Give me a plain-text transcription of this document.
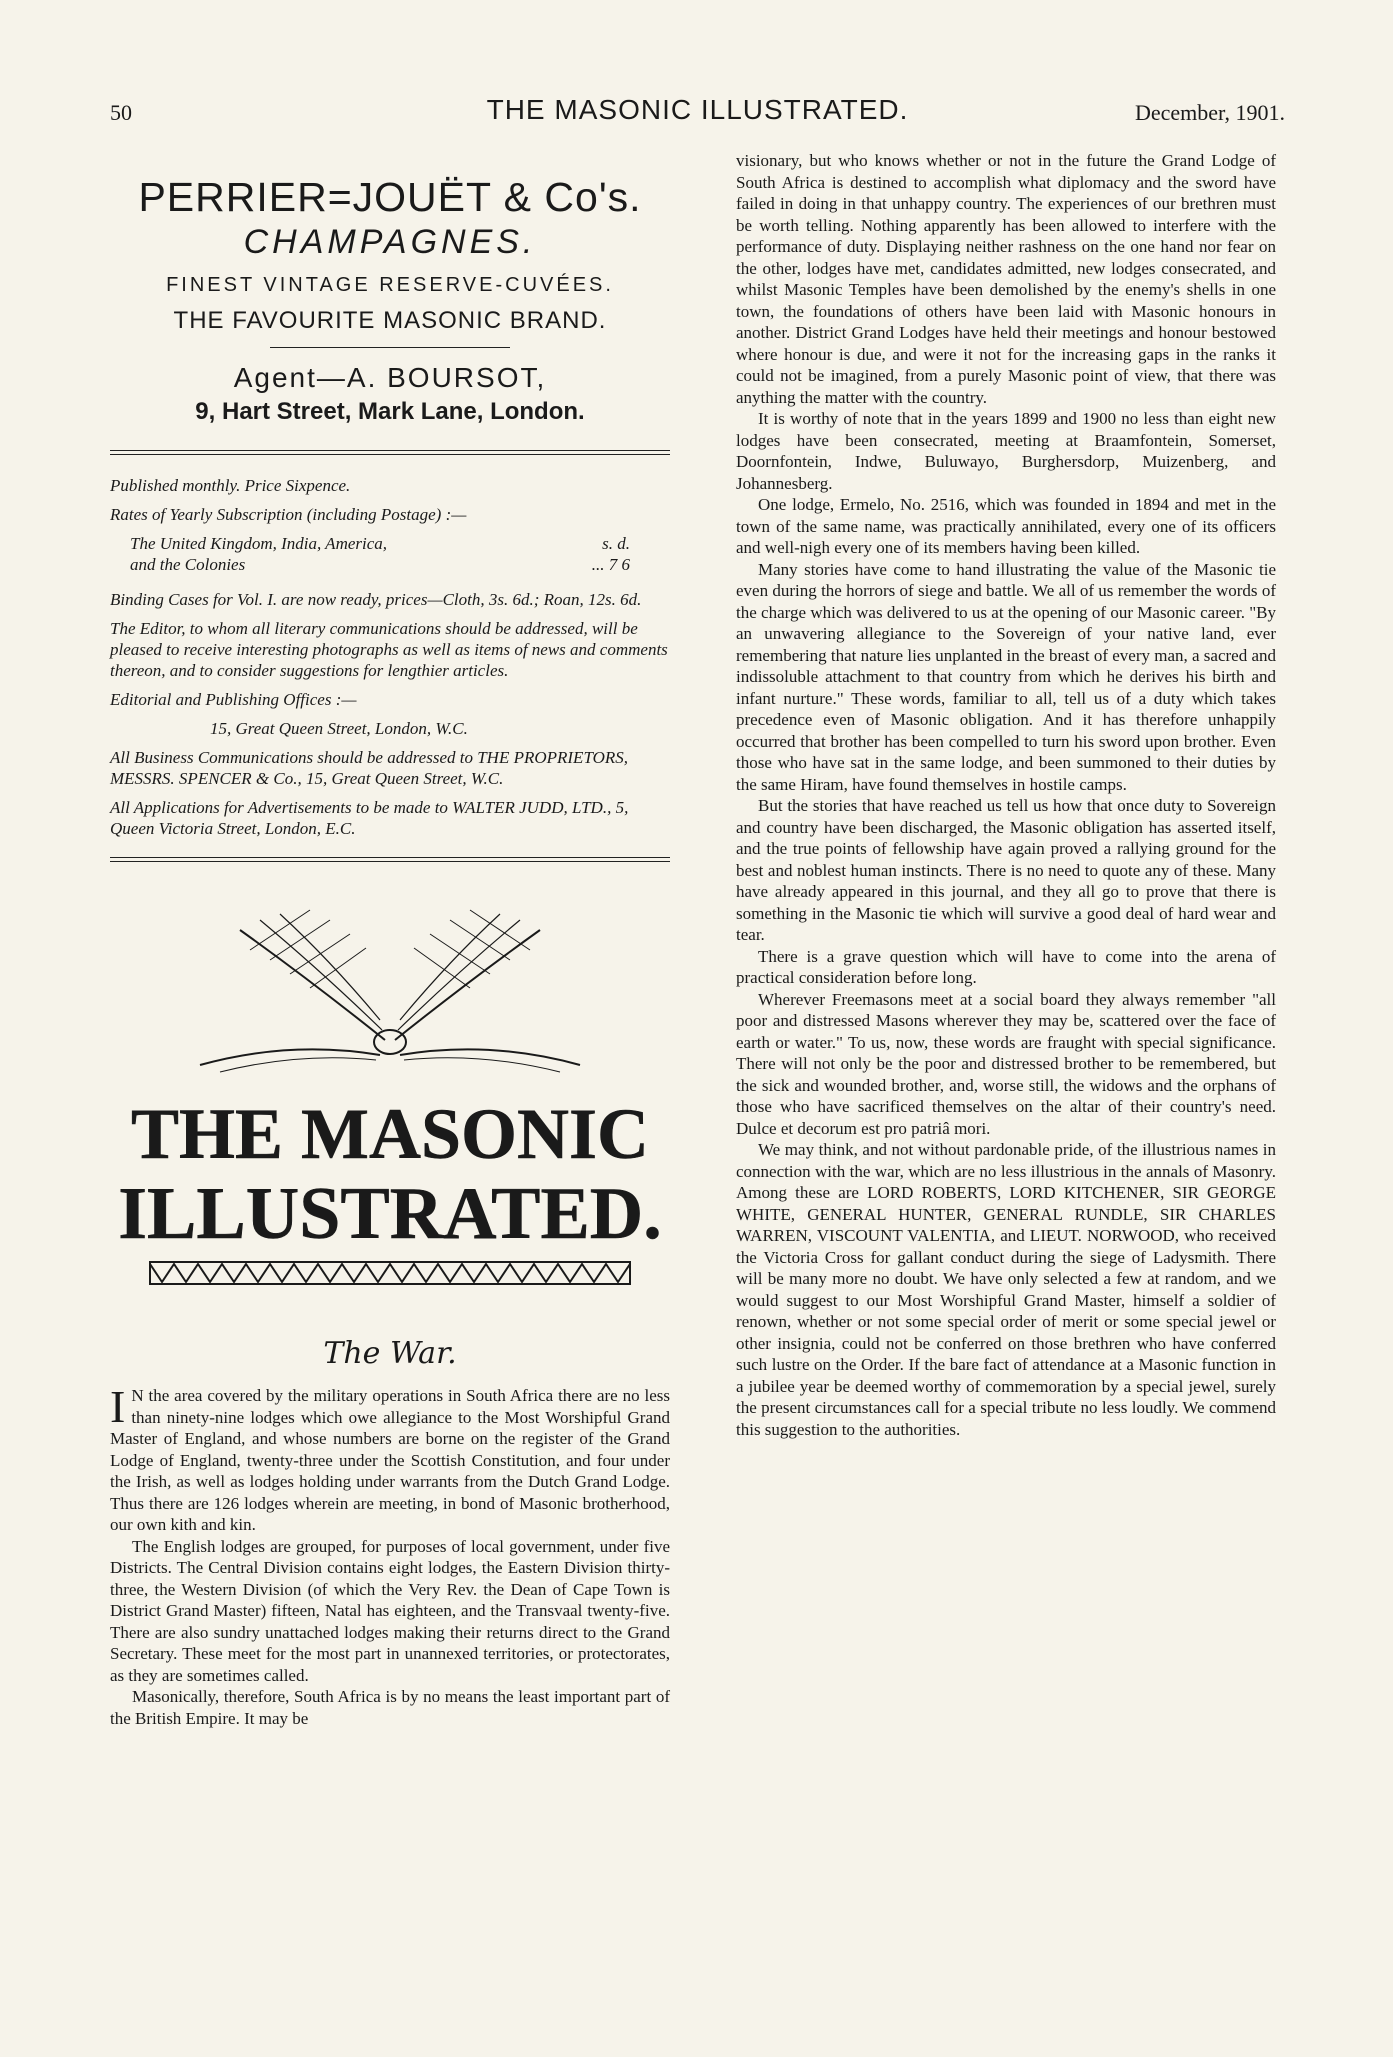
50	THE MASONIC ILLUSTRATED.	December, 1901.
PERRIER=JOUËT & Co's.
CHAMPAGNES.
FINEST VINTAGE RESERVE-CUVÉES.
THE FAVOURITE MASONIC BRAND.
Agent—A. BOURSOT,
9, Hart Street, Mark Lane, London.

Published monthly. Price Sixpence.

Rates of Yearly Subscription (including Postage) :—

The United Kingdom, India, America,	s. d.

and the Colonies	... 7 6

Binding Cases for Vol. I. are now ready, prices—Cloth, 3s. 6d.; Roan, 12s. 6d.

The Editor, to whom all literary communications should be addressed, will be pleased to receive interesting photographs as well as items of news and comments thereon, and to consider suggestions for lengthier articles.

Editorial and Publishing Offices :—

15, Great Queen Street, London, W.C.

All Business Communications should be addressed to THE PROPRIETORS, MESSRS. SPENCER & Co., 15, Great Queen Street, W.C.

All Applications for Advertisements to be made to WALTER JUDD, LTD., 5, Queen Victoria Street, London, E.C.

THE MASONIC
ILLUSTRATED.
The War.

I N the area covered by the military operations in South Africa there are no less than ninety-nine lodges which owe allegiance to the Most Worshipful Grand Master of England, and whose numbers are borne on the register of the Grand Lodge of England, twenty-three under the Scottish Constitution, and four under the Irish, as well as lodges holding under warrants from the Dutch Grand Lodge. Thus there are 126 lodges wherein are meeting, in bond of Masonic brotherhood, our own kith and kin.

The English lodges are grouped, for purposes of local government, under five Districts. The Central Division contains eight lodges, the Eastern Division thirty-three, the Western Division (of which the Very Rev. the Dean of Cape Town is District Grand Master) fifteen, Natal has eighteen, and the Transvaal twenty-five. There are also sundry unattached lodges making their returns direct to the Grand Secretary. These meet for the most part in unannexed territories, or protectorates, as they are sometimes called.

Masonically, therefore, South Africa is by no means the least important part of the British Empire. It may be

visionary, but who knows whether or not in the future the Grand Lodge of South Africa is destined to accomplish what diplomacy and the sword have failed in doing in that unhappy country. The experiences of our brethren must be worth telling. Nothing apparently has been allowed to interfere with the performance of duty. Displaying neither rashness on the one hand nor fear on the other, lodges have met, candidates admitted, new lodges consecrated, and whilst Masonic Temples have been demolished by the enemy's shells in one town, the foundations of others have been laid with Masonic honours in another. District Grand Lodges have held their meetings and honour bestowed where honour is due, and were it not for the increasing gaps in the ranks it could not be imagined, from a purely Masonic point of view, that there was anything the matter with the country.

It is worthy of note that in the years 1899 and 1900 no less than eight new lodges have been consecrated, meeting at Braamfontein, Somerset, Doornfontein, Indwe, Buluwayo, Burghersdorp, Muizenberg, and Johannesberg.

One lodge, Ermelo, No. 2516, which was founded in 1894 and met in the town of the same name, was practically annihilated, every one of its officers and well-nigh every one of its members having been killed.

Many stories have come to hand illustrating the value of the Masonic tie even during the horrors of siege and battle. We all of us remember the words of the charge which was delivered to us at the opening of our Masonic career. "By an unwavering allegiance to the Sovereign of your native land, ever remembering that nature lies unplanted in the breast of every man, a sacred and indissoluble attachment to that country from which he derives his birth and infant nurture." These words, familiar to all, tell us of a duty which takes precedence even of Masonic obligation. And it has therefore unhappily occurred that brother has been compelled to turn his sword upon brother. Even those who have sat in the same lodge, and been summoned to their duties by the same Hiram, have found themselves in hostile camps.

But the stories that have reached us tell us how that once duty to Sovereign and country have been discharged, the Masonic obligation has asserted itself, and the true points of fellowship have again proved a rallying ground for the best and noblest human instincts. There is no need to quote any of these. Many have already appeared in this journal, and they all go to prove that there is something in the Masonic tie which will survive a good deal of hard wear and tear.

There is a grave question which will have to come into the arena of practical consideration before long.

Wherever Freemasons meet at a social board they always remember "all poor and distressed Masons wherever they may be, scattered over the face of earth or water." To us, now, these words are fraught with special significance. There will not only be the poor and distressed brother to be remembered, but the sick and wounded brother, and, worse still, the widows and the orphans of those who have sacrificed themselves on the altar of their country's need. Dulce et decorum est pro patriâ mori.

We may think, and not without pardonable pride, of the illustrious names in connection with the war, which are no less illustrious in the annals of Masonry. Among these are LORD ROBERTS, LORD KITCHENER, SIR GEORGE WHITE, GENERAL HUNTER, GENERAL RUNDLE, SIR CHARLES WARREN, VISCOUNT VALENTIA, and LIEUT. NORWOOD, who received the Victoria Cross for gallant conduct during the siege of Ladysmith. There will be many more no doubt. We have only selected a few at random, and we would suggest to our Most Worshipful Grand Master, himself a soldier of renown, whether or not some special order of merit or some special jewel or other insignia, could not be conferred on those brethren who have conferred such lustre on the Order. If the bare fact of attendance at a Masonic function in a jubilee year be deemed worthy of commemoration by a special jewel, surely the present circumstances call for a special tribute no less loudly. We commend this suggestion to the authorities.
